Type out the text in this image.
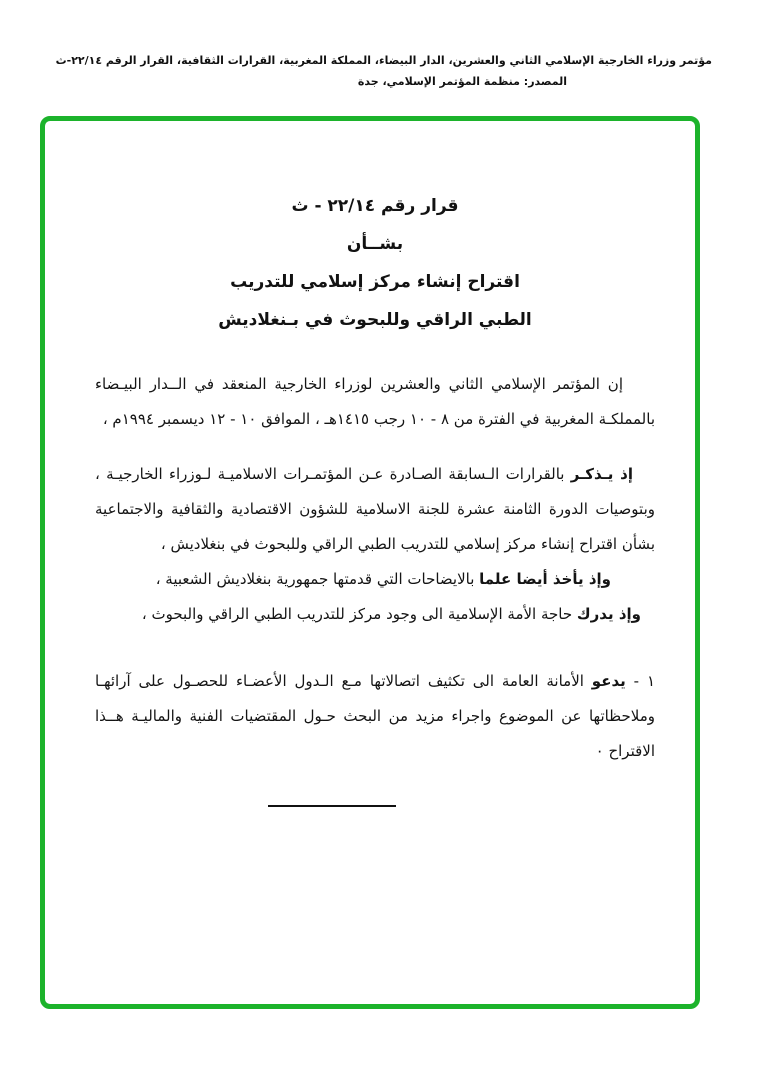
مؤتمر وزراء الخارجية الإسلامي الثاني والعشرين، الدار البيضاء، المملكة المغربية، القرارات الثقافية، القرار الرقم ٢٢/١٤-ث
المصدر: منظمة المؤتمر الإسلامي، جدة
قرار رقم ٢٢/١٤ - ث
بشــأن
اقتراح إنشاء مركز إسلامي للتدريب
الطبي الراقي وللبحوث في بـنغلاديش

إن المؤتمر الإسلامي الثاني والعشرين لوزراء الخارجية المنعقد في الــدار البيـضاء بالمملكـة المغربية في الفترة من ٨ - ١٠ رجب ١٤١٥هـ ، الموافق ١٠ - ١٢ ديسمبر ١٩٩٤م ،

إذ يـذكـر بالقرارات الـسابقة الصـادرة عـن المؤتمـرات الاسلاميـة لـوزراء الخارجيـة ، وبتوصيات الدورة الثامنة عشرة للجنة الاسلامية للشؤون الاقتصادية والثقافية والاجتماعية بشأن اقتراح إنشاء مركز إسلامي للتدريب الطبي الراقي وللبحوث في بنغلاديش ،

وإذ يأخذ أيضا علما بالايضاحات التي قدمتها جمهورية بنغلاديش الشعبية ،

وإذ يدرك حاجة الأمة الإسلامية الى وجود مركز للتدريب الطبي الراقي والبحوث ،

١ - يدعو الأمانة العامة الى تكثيف اتصالاتها مـع الـدول الأعضـاء للحصـول على آرائهـا وملاحظاتها عن الموضوع واجراء مزيد من البحث حـول المقتضيات الفنية والماليـة هــذا الاقتراح ٠
